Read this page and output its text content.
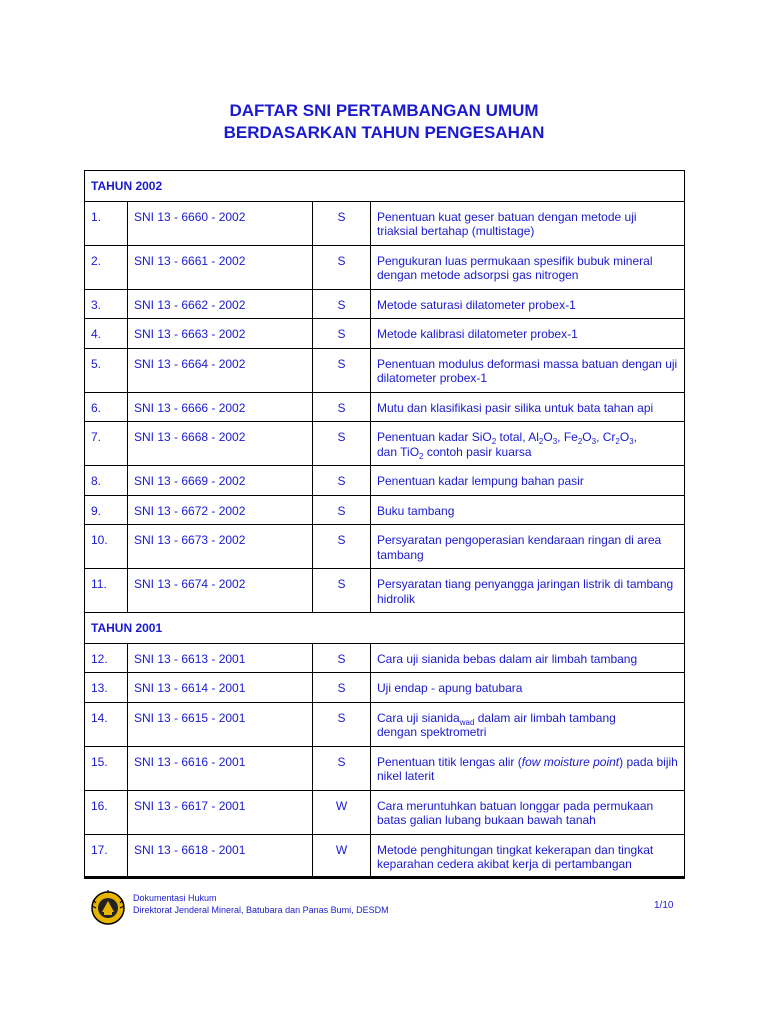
DAFTAR SNI PERTAMBANGAN UMUM
BERDASARKAN TAHUN PENGESAHAN
TAHUN 2002			
1.	SNI 13 - 6660 - 2002	S	Penentuan kuat geser batuan dengan metode uji triaksial bertahap (multistage)
2.	SNI 13 - 6661 - 2002	S	Pengukuran luas permukaan spesifik bubuk mineral dengan metode adsorpsi gas nitrogen
3.	SNI 13 - 6662 - 2002	S	Metode saturasi dilatometer probex-1
4.	SNI 13 - 6663 - 2002	S	Metode kalibrasi dilatometer probex-1
5.	SNI 13 - 6664 - 2002	S	Penentuan modulus deformasi massa batuan dengan uji dilatometer probex-1
6.	SNI 13 - 6666 - 2002	S	Mutu dan klasifikasi pasir silika untuk bata tahan api
7.	SNI 13 - 6668 - 2002	S	Penentuan kadar SiO$_2$ total, $Al_2O_3$, $Fe_2O_3$, $Cr_2O_3$,
dan TiO$_2$ contoh pasir kuarsa
8.	SNI 13 - 6669 - 2002	S	Penentuan kadar lempung bahan pasir
9.	SNI 13 - 6672 - 2002	S	Buku tambang
10.	SNI 13 - 6673 - 2002	S	Persyaratan pengoperasian kendaraan ringan di area tambang
11.	SNI 13 - 6674 - 2002	S	Persyaratan tiang penyangga jaringan listrik di tambang hidrolik
TAHUN 2001			
12.	SNI 13 - 6613 - 2001	S	Cara uji sianida bebas dalam air limbah tambang
13.	SNI 13 - 6614 - 2001	S	Uji endap - apung batubara
14.	SNI 13 - 6615 - 2001	S	Cara uji sianida$_{wad}$ dalam air limbah tambang
dengan spektrometri
15.	SNI 13 - 6616 - 2001	S	Penentuan titik lengas alir (fow moisture point) pada bijih nikel laterit
16.	SNI 13 - 6617 - 2001	W	Cara meruntuhkan batuan longgar pada permukaan batas galian lubang bukaan bawah tanah
17.	SNI 13 - 6618 - 2001	W	Metode penghitungan tingkat kekerapan dan tingkat keparahan cedera akibat kerja di pertambangan
Dokumentasi Hukum
Direktorat Jenderal Mineral, Batubara dan Panas Bumi, DESDM	1/10
